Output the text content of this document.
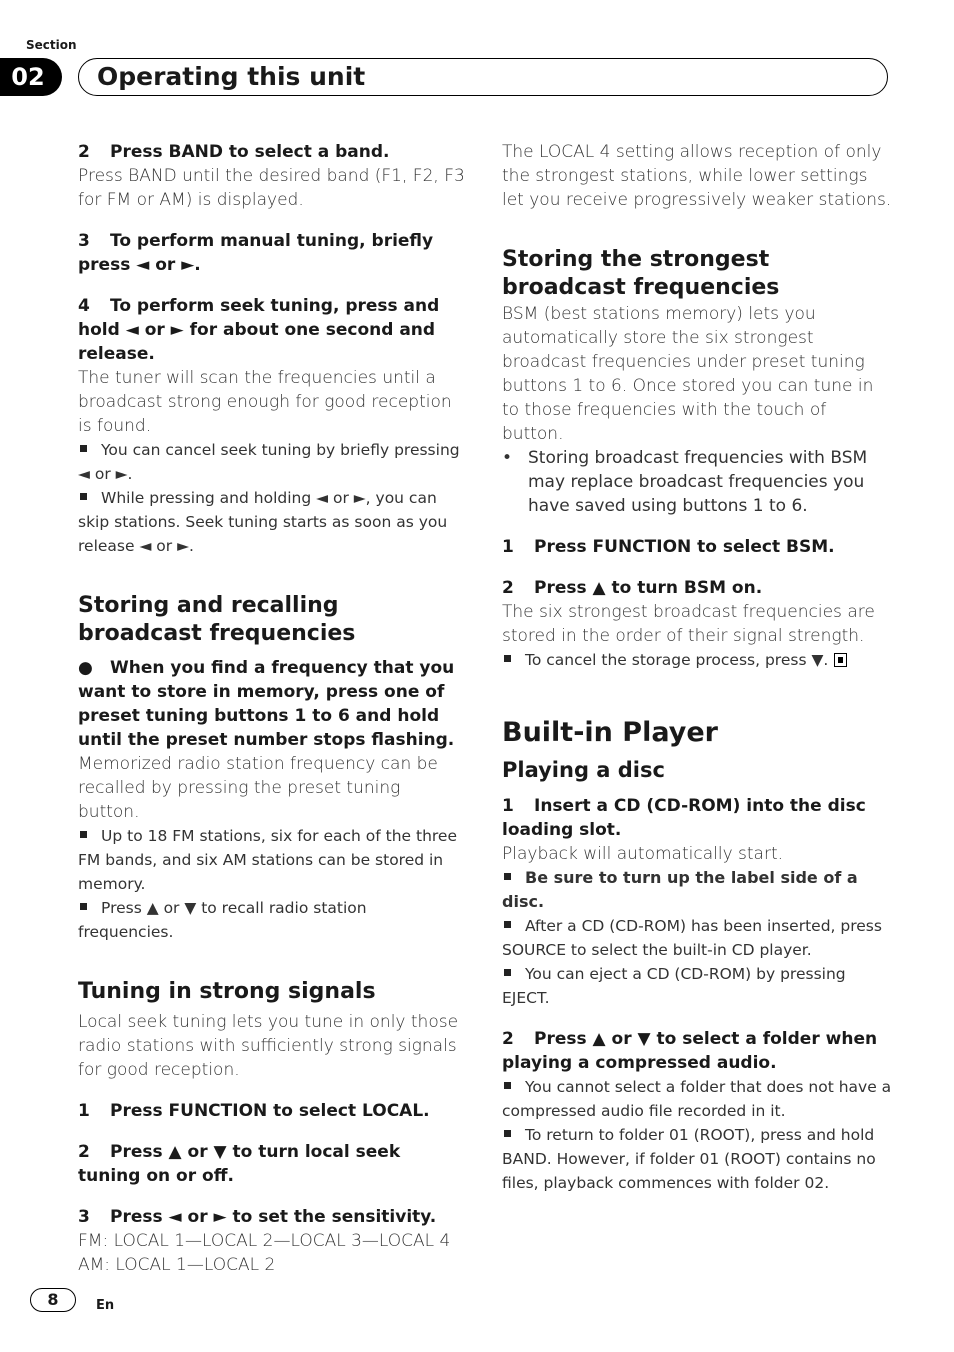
Section
02	Operating this unit

2 Press BAND to select a band.

Press BAND until the desired band (F1, F2, F3 for FM or AM) is displayed.

3 To perform manual tuning, briefly press ◄ or ►.

4 To perform seek tuning, press and hold ◄ or ► for about one second and release.

The tuner will scan the frequencies until a broadcast strong enough for good reception is found.

You can cancel seek tuning by briefly pressing ◄ or ►.

While pressing and holding ◄ or ►, you can skip stations. Seek tuning starts as soon as you release ◄ or ►.

Storing and recalling broadcast frequencies

● When you find a frequency that you want to store in memory, press one of preset tuning buttons 1 to 6 and hold until the preset number stops flashing.

Memorized radio station frequency can be recalled by pressing the preset tuning button.

Up to 18 FM stations, six for each of the three FM bands, and six AM stations can be stored in memory.

Press ▲ or ▼ to recall radio station frequencies.

Tuning in strong signals

Local seek tuning lets you tune in only those radio stations with sufficiently strong signals for good reception.

1 Press FUNCTION to select LOCAL.

2 Press ▲ or ▼ to turn local seek tuning on or off.

3 Press ◄ or ► to set the sensitivity.

FM: LOCAL 1—LOCAL 2—LOCAL 3—LOCAL 4

AM: LOCAL 1—LOCAL 2

The LOCAL 4 setting allows reception of only the strongest stations, while lower settings let you receive progressively weaker stations.

Storing the strongest broadcast frequencies

BSM (best stations memory) lets you automatically store the six strongest broadcast frequencies under preset tuning buttons 1 to 6. Once stored you can tune in to those frequencies with the touch of button.

• Storing broadcast frequencies with BSM may replace broadcast frequencies you have saved using buttons 1 to 6.

1 Press FUNCTION to select BSM.

2 Press ▲ to turn BSM on.

The six strongest broadcast frequencies are stored in the order of their signal strength.

To cancel the storage process, press ▼.

Built-in Player
Playing a disc

1 Insert a CD (CD-ROM) into the disc loading slot.

Playback will automatically start.

Be sure to turn up the label side of a disc.

After a CD (CD-ROM) has been inserted, press SOURCE to select the built-in CD player.

You can eject a CD (CD-ROM) by pressing EJECT.

2 Press ▲ or ▼ to select a folder when playing a compressed audio.

You cannot select a folder that does not have a compressed audio file recorded in it.

To return to folder 01 (ROOT), press and hold BAND. However, if folder 01 (ROOT) contains no files, playback commences with folder 02.

8	En
